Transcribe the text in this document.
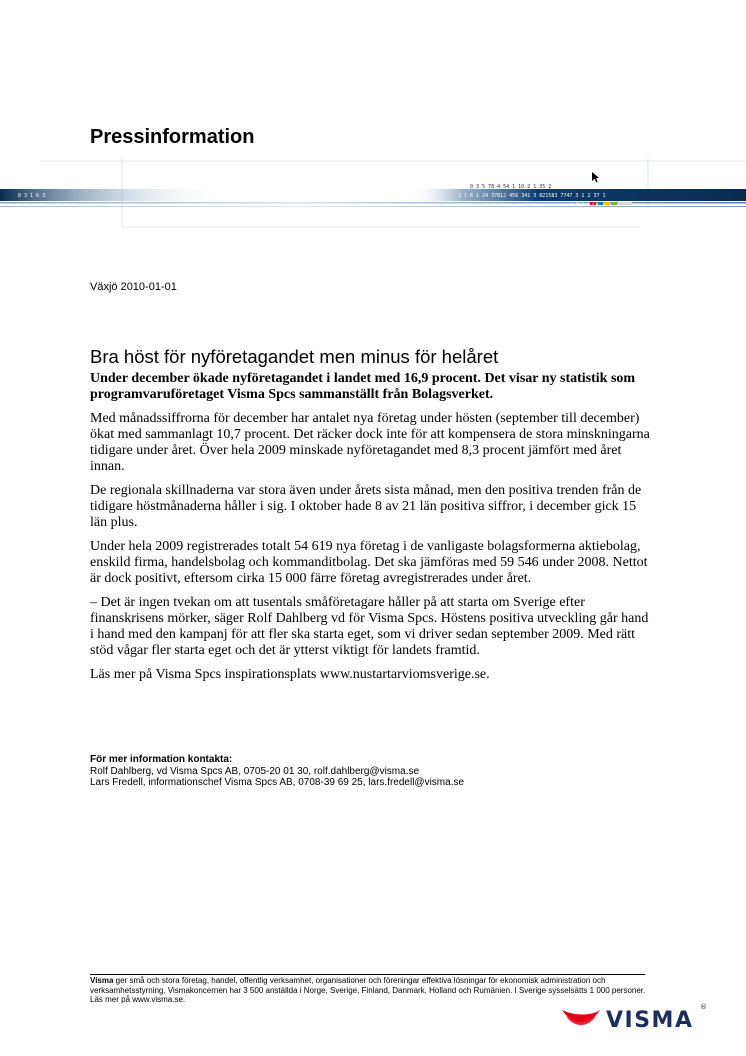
Pressinformation
0 3 5 78 4 54 1 10 2 1 35 2
3 1 6 1 24 37812 456 341 3 821583 7747 3 1 2 37 1
2 79 5 2 3 1
8 3 1 6 3
Växjö 2010-01-01
Bra höst för nyföretagandet men minus för helåret

Under december ökade nyföretagandet i landet med 16,9 procent. Det visar ny statistik som programvaruföretaget Visma Spcs sammanställt från Bolagsverket.

Med månadssiffrorna för december har antalet nya företag under hösten (september till december) ökat med sammanlagt 10,7 procent. Det räcker dock inte för att kompensera de stora minskningarna tidigare under året. Över hela 2009 minskade nyföretagandet med 8,3 procent jämfört med året innan.

De regionala skillnaderna var stora även under årets sista månad, men den positiva trenden från de tidigare höstmånaderna håller i sig. I oktober hade 8 av 21 län positiva siffror, i december gick 15 län plus.

Under hela 2009 registrerades totalt 54 619 nya företag i de vanligaste bolagsformerna aktiebolag, enskild firma, handelsbolag och kommanditbolag. Det ska jämföras med 59 546 under 2008. Nettot är dock positivt, eftersom cirka 15 000 färre företag avregistrerades under året.

– Det är ingen tvekan om att tusentals småföretagare håller på att starta om Sverige efter finanskrisens mörker, säger Rolf Dahlberg vd för Visma Spcs. Höstens positiva utveckling går hand i hand med den kampanj för att fler ska starta eget, som vi driver sedan september 2009. Med rätt stöd vågar fler starta eget och det är ytterst viktigt för landets framtid.

Läs mer på Visma Spcs inspirationsplats www.nustartarviomsverige.se.

För mer information kontakta:
Rolf Dahlberg, vd Visma Spcs AB, 0705-20 01 30, rolf.dahlberg@visma.se
Lars Fredell, informationschef Visma Spcs AB, 0708-39 69 25, lars.fredell@visma.se
Visma ger små och stora företag, handel, offentlig verksamhet, organisationer och föreningar effektiva lösningar för ekonomisk administration och verksamhetsstyrning. Vismakoncernen har 3 500 anställda i Norge, Sverige, Finland, Danmark, Holland och Rumänien. I Sverige sysselsätts 1 000 personer. Läs mer på www.visma.se.
VISMA
®
